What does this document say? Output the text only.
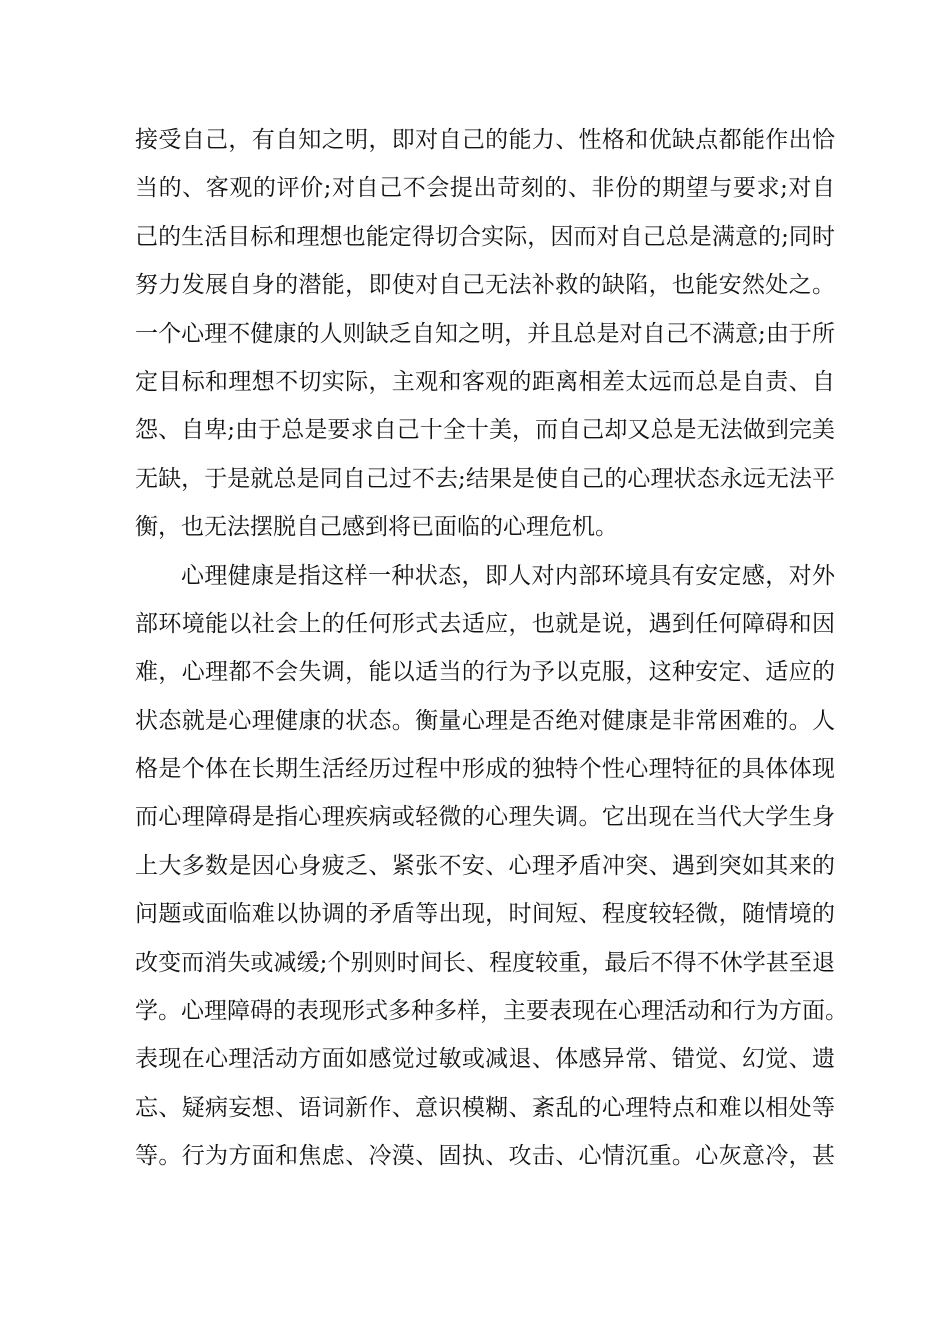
接受自己，有自知之明，即对自己的能力、性格和优缺点都能作出恰
当的、客观的评价;对自己不会提出苛刻的、非份的期望与要求;对自
己的生活目标和理想也能定得切合实际，因而对自己总是满意的;同时
努力发展自身的潜能，即使对自己无法补救的缺陷，也能安然处之。
一个心理不健康的人则缺乏自知之明，并且总是对自己不满意;由于所
定目标和理想不切实际，主观和客观的距离相差太远而总是自责、自
怨、自卑;由于总是要求自己十全十美，而自己却又总是无法做到完美
无缺，于是就总是同自己过不去;结果是使自己的心理状态永远无法平
衡，也无法摆脱自己感到将已面临的心理危机。
心理健康是指这样一种状态，即人对内部环境具有安定感，对外
部环境能以社会上的任何形式去适应，也就是说，遇到任何障碍和因
难，心理都不会失调，能以适当的行为予以克服，这种安定、适应的
状态就是心理健康的状态。衡量心理是否绝对健康是非常困难的。人
格是个体在长期生活经历过程中形成的独特个性心理特征的具体体现
而心理障碍是指心理疾病或轻微的心理失调。它出现在当代大学生身
上大多数是因心身疲乏、紧张不安、心理矛盾冲突、遇到突如其来的
问题或面临难以协调的矛盾等出现，时间短、程度较轻微，随情境的
改变而消失或减缓;个别则时间长、程度较重，最后不得不休学甚至退
学。心理障碍的表现形式多种多样，主要表现在心理活动和行为方面。
表现在心理活动方面如感觉过敏或减退、体感异常、错觉、幻觉、遗
忘、疑病妄想、语词新作、意识模糊、紊乱的心理特点和难以相处等
等。行为方面和焦虑、冷漠、固执、攻击、心情沉重。心灰意冷，甚
